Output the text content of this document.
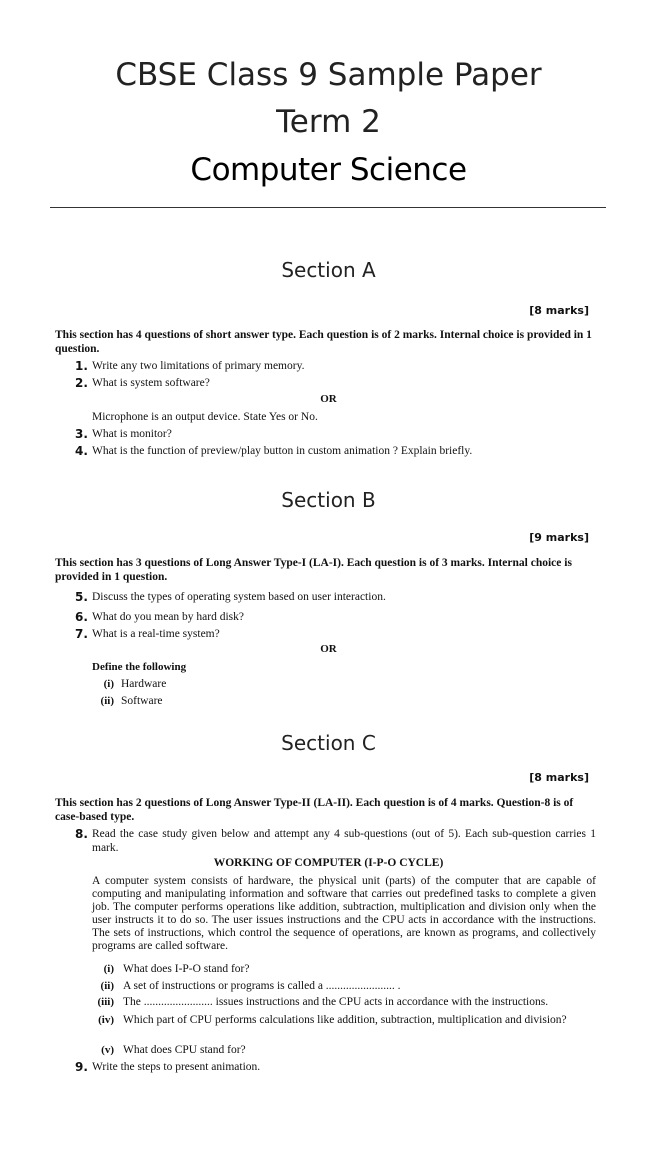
CBSE Class 9 Sample Paper
Term 2
Computer Science
Section A
[8 marks]
This section has 4 questions of short answer type. Each question is of 2 marks. Internal choice is provided in 1 question.
1. Write any two limitations of primary memory.
2. What is system software?
OR
Microphone is an output device. State Yes or No.
3. What is monitor?
4. What is the function of preview/play button in custom animation ? Explain briefly.
Section B
[9 marks]
This section has 3 questions of Long Answer Type-I (LA-I). Each question is of 3 marks. Internal choice is provided in 1 question.
5. Discuss the types of operating system based on user interaction.
6. What do you mean by hard disk?
7. What is a real-time system?
OR
Define the following
(i) Hardware
(ii) Software
Section C
[8 marks]
This section has 2 questions of Long Answer Type-II (LA-II). Each question is of 4 marks. Question-8 is of case-based type.
8. Read the case study given below and attempt any 4 sub-questions (out of 5). Each sub-question carries 1 mark.
WORKING OF COMPUTER (I-P-O CYCLE)
A computer system consists of hardware, the physical unit (parts) of the computer that are capable of computing and manipulating information and software that carries out predefined tasks to complete a given job. The computer performs operations like addition, subtraction, multiplication and division only when the user instructs it to do so. The user issues instructions and the CPU acts in accordance with the instructions. The sets of instructions, which control the sequence of operations, are known as programs, and collectively programs are called software.
(i) What does I-P-O stand for?
(ii) A set of instructions or programs is called a ........................ .
(iii) The ........................ issues instructions and the CPU acts in accordance with the instructions.
(iv) Which part of CPU performs calculations like addition, subtraction, multiplication and division?
(v) What does CPU stand for?
9. Write the steps to present animation.
